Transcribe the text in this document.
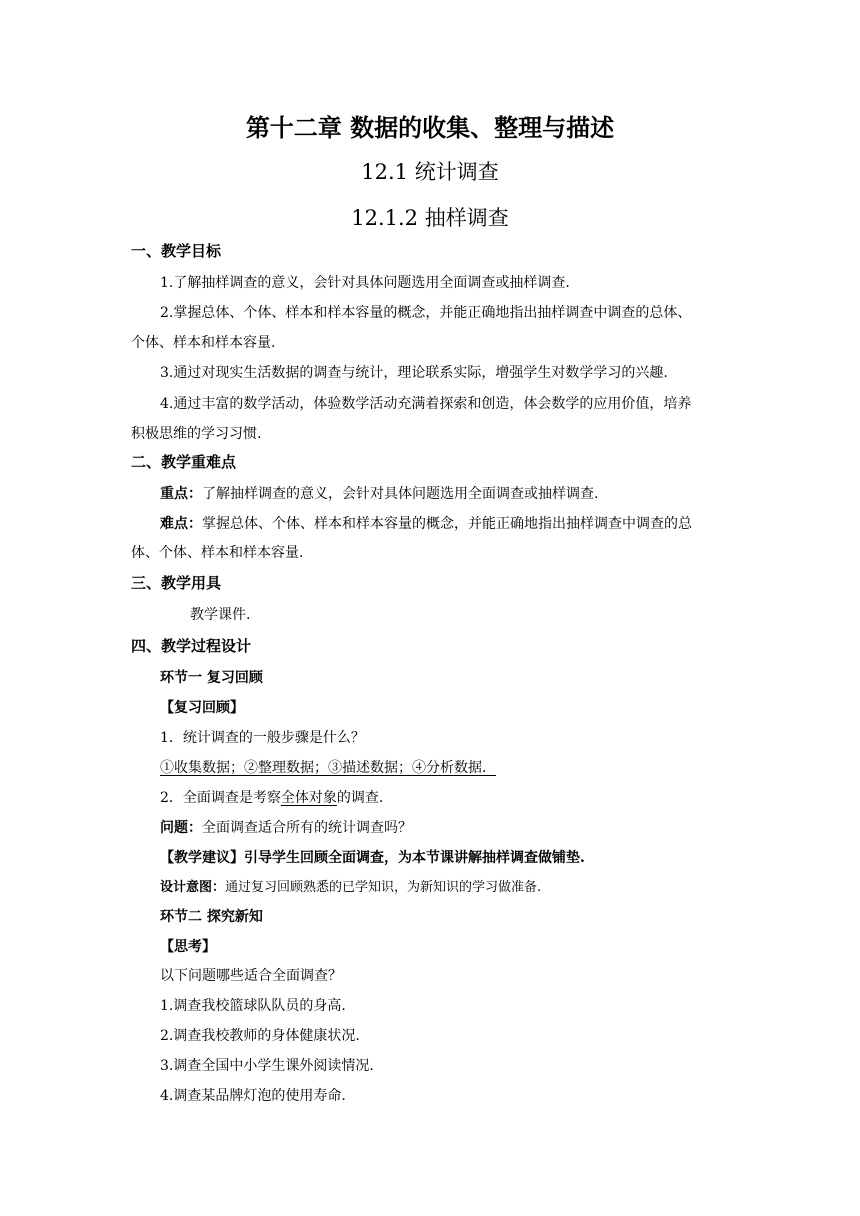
第十二章 数据的收集、整理与描述
12.1 统计调查
12.1.2 抽样调查
一、教学目标
1.了解抽样调查的意义，会针对具体问题选用全面调查或抽样调查.
2.掌握总体、个体、样本和样本容量的概念，并能正确地指出抽样调查中调查的总体、
个体、样本和样本容量.
3.通过对现实生活数据的调查与统计，理论联系实际，增强学生对数学学习的兴趣.
4.通过丰富的数学活动，体验数学活动充满着探索和创造，体会数学的应用价值，培养
积极思维的学习习惯.
二、教学重难点
重点：了解抽样调查的意义，会针对具体问题选用全面调查或抽样调查.
难点：掌握总体、个体、样本和样本容量的概念，并能正确地指出抽样调查中调查的总
体、个体、样本和样本容量.
三、教学用具
教学课件.
四、教学过程设计
环节一 复习回顾
【复习回顾】
1．统计调查的一般步骤是什么？
①收集数据；②整理数据；③描述数据；④分析数据．
2．全面调查是考察全体对象的调查.
问题：全面调查适合所有的统计调查吗？
【教学建议】引导学生回顾全面调查，为本节课讲解抽样调查做铺垫.
设计意图：通过复习回顾熟悉的已学知识，为新知识的学习做准备.
环节二 探究新知
【思考】
以下问题哪些适合全面调查？
1.调查我校篮球队队员的身高.
2.调查我校教师的身体健康状况.
3.调查全国中小学生课外阅读情况.
4.调查某品牌灯泡的使用寿命.
